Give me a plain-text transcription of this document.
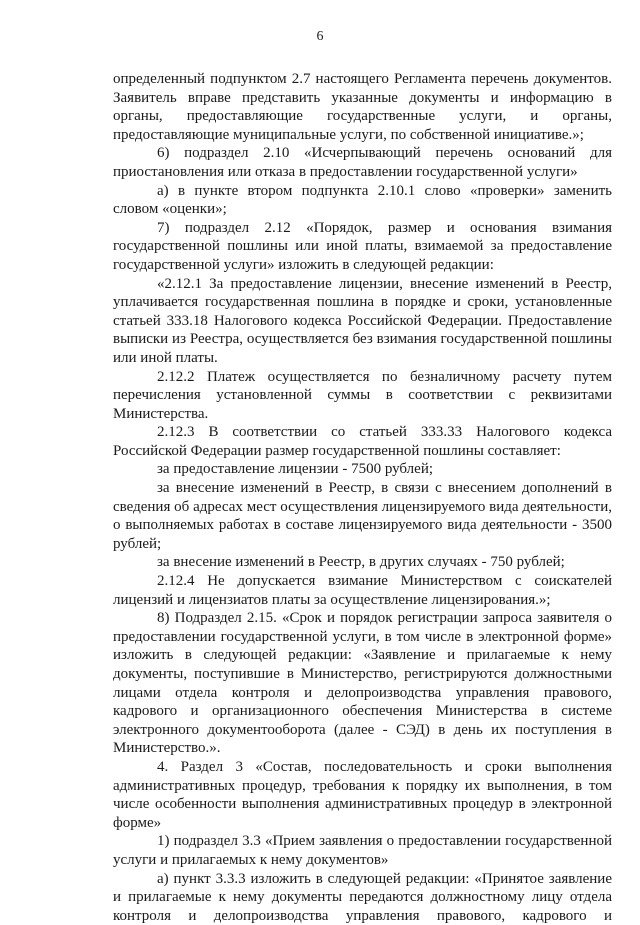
6

определенный подпунктом 2.7 настоящего Регламента перечень документов.

Заявитель вправе представить указанные документы и информацию в

органы, предоставляющие государственные услуги, и органы,

предоставляющие муниципальные услуги, по собственной инициативе.»;

6) подраздел 2.10 «Исчерпывающий перечень оснований для

приостановления или отказа в предоставлении государственной услуги»

а) в пункте втором подпункта 2.10.1 слово «проверки» заменить

словом «оценки»;

7) подраздел 2.12 «Порядок, размер и основания взимания

государственной пошлины или иной платы, взимаемой за предоставление

государственной услуги» изложить в следующей редакции:

«2.12.1 За предоставление лицензии, внесение изменений в Реестр,

уплачивается государственная пошлина в порядке и сроки, установленные

статьей 333.18 Налогового кодекса Российской Федерации. Предоставление

выписки из Реестра, осуществляется без взимания государственной пошлины

или иной платы.

2.12.2 Платеж осуществляется по безналичному расчету путем

перечисления установленной суммы в соответствии с реквизитами

Министерства.

2.12.3 В соответствии со статьей 333.33 Налогового кодекса

Российской Федерации размер государственной пошлины составляет:

за предоставление лицензии - 7500 рублей;

за внесение изменений в Реестр, в связи с внесением дополнений в

сведения об адресах мест осуществления лицензируемого вида деятельности,

о выполняемых работах в составе лицензируемого вида деятельности - 3500

рублей;

за внесение изменений в Реестр, в других случаях - 750 рублей;

2.12.4 Не допускается взимание Министерством с соискателей

лицензий и лицензиатов платы за осуществление лицензирования.»;

8) Подраздел 2.15. «Срок и порядок регистрации запроса заявителя о

предоставлении государственной услуги, в том числе в электронной форме»

изложить в следующей редакции: «Заявление и прилагаемые к нему

документы, поступившие в Министерство, регистрируются должностными

лицами отдела контроля и делопроизводства управления правового,

кадрового и организационного обеспечения Министерства в системе

электронного документооборота (далее - СЭД) в день их поступления в

Министерство.».

4. Раздел 3 «Состав, последовательность и сроки выполнения

административных процедур, требования к порядку их выполнения, в том

числе особенности выполнения административных процедур в электронной

форме»

1) подраздел 3.3 «Прием заявления о предоставлении государственной

услуги и прилагаемых к нему документов»

а) пункт 3.3.3 изложить в следующей редакции: «Принятое заявление

и прилагаемые к нему документы передаются должностному лицу отдела

контроля и делопроизводства управления правового, кадрового и
